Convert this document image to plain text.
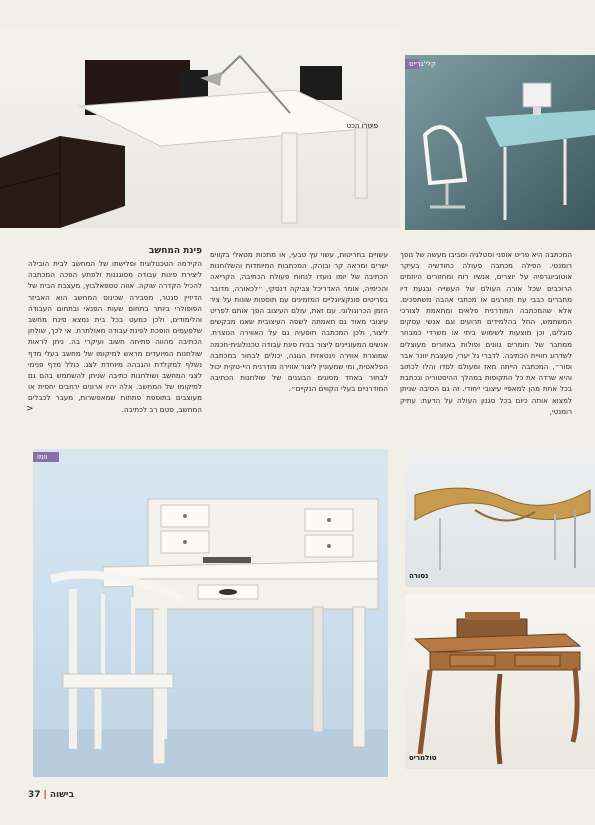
פיטרו הכט
קלי'גרייס
פינת המחשב

הקידמה הטכנולוגית ופלישתו של המחשב לבית הובילה ליצירת פינות עבודה מסוגננות ולפתע הפכה המכתבה להכיל הקדרה שוקה. אווה טספאלבוץ, מעצבת הבית של הדיזיין סנטר, מסבירה שכינוס המחשב הוא האביזר הפופולרי ביותר בתחום שעות הפנאי ובתחום העבודה והלימודים, ולכן כמעט בכל בית נמצא פינת מחשב שלפעמים הופכת לפינת עבודה מאולתרת. אי לכך, שולחן הכתיבה מהווה פתיחה חשוב ועיקרי בה. ניתן לראות שולחנות המיועדים מראש למיקומו של מחשב בעלי מדף נשלף למקלדת והגבהה מיוחדת לצג. כולל מדף פנימי לצגי המחשב ושולחנות כתיבה שניתן להשתמש בהם גם למיקומו של המחשב. אלה יהיו ארונים ירחבים יחסית או מעוצבים בתוספת פתחות שמאפשרות, מעבר לכבלים המחשב, סטם רב לכתיבה.

<

עשויים בחריטות, עשוי עץ טבעי, או מתכות מטאלי בקווים ישרים ומראה קר ובוהק. המכתבות המיוחדות והשלוחנות הכתיבה של יומו נועדו לנחות פעולת הכתיבה, הקריאה והכימיה, אומר האדריכל צביקה דנסקי, ״לכאורה, מדובר בפריטים פונקציונליים המזמינים עם תוספות שונות על ציר הזמן הכרונולוגי. עם זאת, עולם העיצוב הפך אותם לפריט עיצובי מאוד גם תאמתה לשפה העיצובית שאנו מבקשים ליצור, ולכן המכתבה תופעיה גם על האווירה הנוצרת. אנשים המעוניינים ליצור בבית פינת עבודה טכנולוגית-חכמה שמוצרת אווירה וינטאזית הגונה, יכולים לבחור במכתבה הפלאטית, ומי שמעוניין ליצור אווירה מודרנית היי-טקית יכול לבחור באחד מסוגים הבוגנים של שולחנות הכתיבה המודרניים בעלי הקווים הנקיים״.

המכתבה היא פריט אופני וסטלגיה וסביבו מעשה של נופך רומנטי. הפילה מכתבה פעולה כחודשיה בעיקר אוטוביוגרפיה על יוצרים, אנשיו רוח ומחזורים היוזמים הרוכבים שכל אורה העולם של העשייה ובגעת דיו מחברים כבבי עת תחרגים או מכתבי אהבה משתפכים. אלא שהמכתבה המודרנית פלאים ומתאמת לצורכי המשתמש, החל בהלמידים תרועים וגם אנשי עסקים סוגלים, וכן מוצעות לשימוש ביתי או משרדי כמבחר ממחבר של חומרים גוונים ופולות באזורים מעוצלים לשדרוג חוויית הכתיבה. לדברי גל יערי, מעצבת יוונר אבר וסור״, המכתבה הייתה מאז ומעולם לסדו והלו לכתוב והיא שרדה את כל התקופות במהלך ההיסטוריה ונכתבת בכל אחת מהן למאפיי עיצובי ייחודי. זה גם הסיבה שניתן למצוא אותה כיום בכל סגנון העולה על הדעת: עתיק רומנטי,

וומו
נסורה
טולמריס
37 | בישוה
